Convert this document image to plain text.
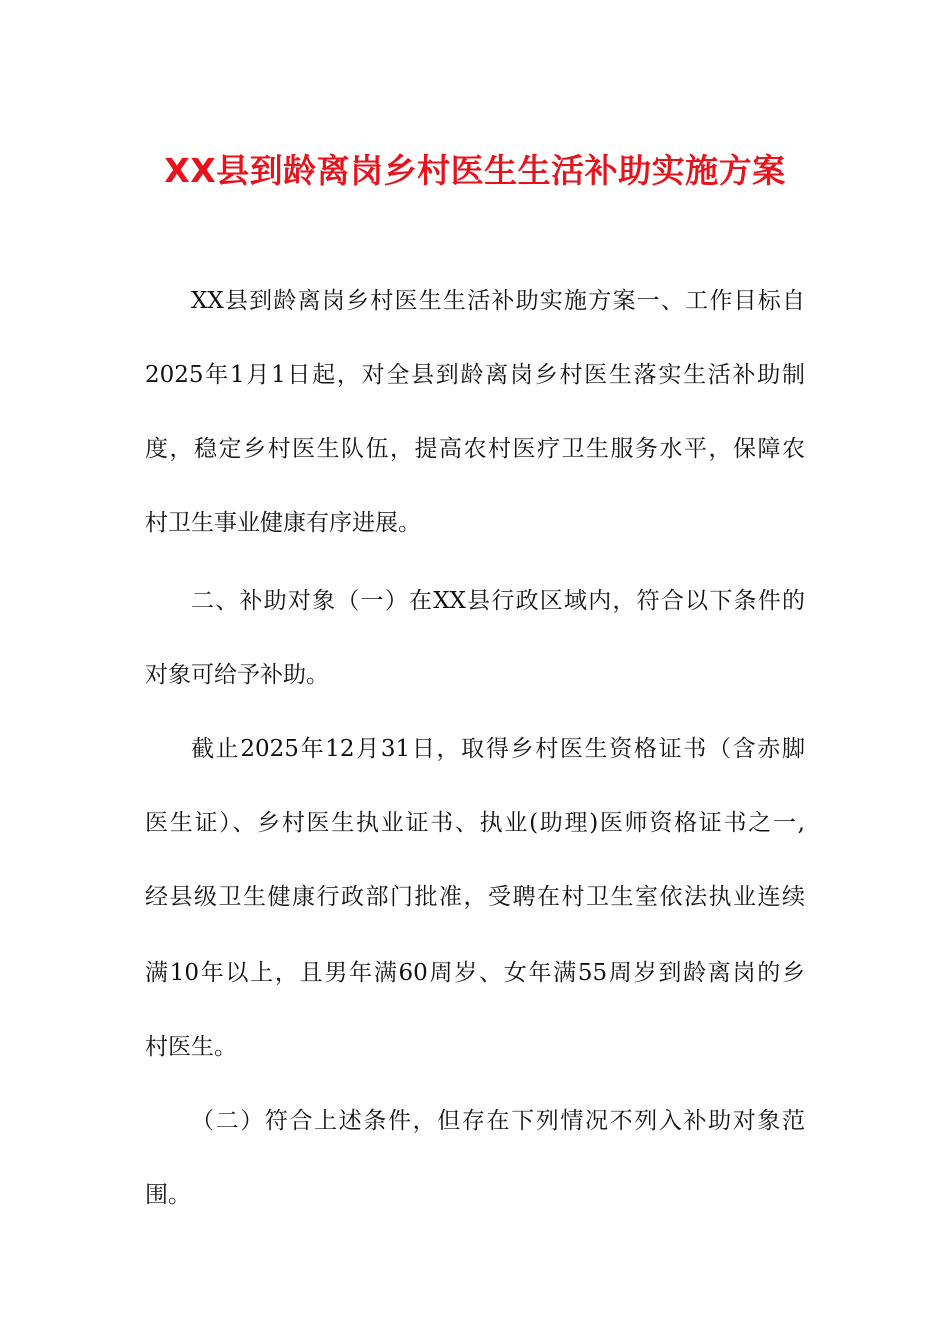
XX县到龄离岗乡村医生生活补助实施方案
XX县到龄离岗乡村医生生活补助实施方案一、工作目标自
2025年1月1日起，对全县到龄离岗乡村医生落实生活补助制
度，稳定乡村医生队伍，提高农村医疗卫生服务水平，保障农
村卫生事业健康有序进展。
二、补助对象（一）在XX县行政区域内，符合以下条件的
对象可给予补助。
截止2025年12月31日，取得乡村医生资格证书（含赤脚
医生证）、乡村医生执业证书、执业(助理)医师资格证书之一,
经县级卫生健康行政部门批准，受聘在村卫生室依法执业连续
满10年以上，且男年满60周岁、女年满55周岁到龄离岗的乡
村医生。
（二）符合上述条件，但存在下列情况不列入补助对象范
围。
